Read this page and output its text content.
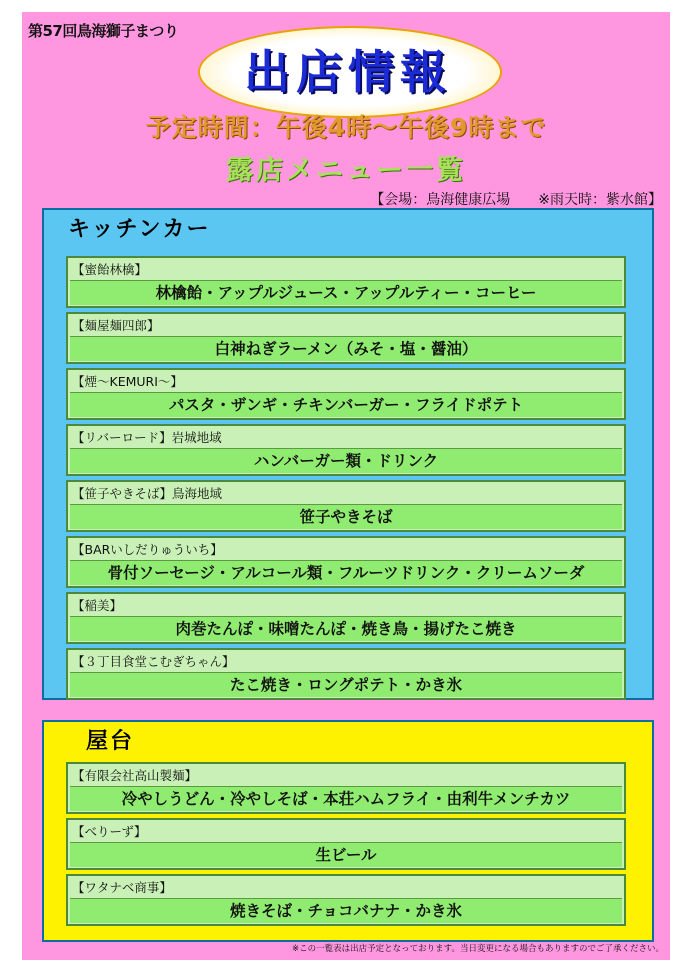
第57回鳥海獅子まつり
出店情報
予定時間：午後4時～午後9時まで
露店メニュー一覧
【会場：鳥海健康広場　　※雨天時：紫水館】
キッチンカー
【蜜飴林檎】
林檎飴・アップルジュース・アップルティー・コーヒー
【麺屋麺四郎】
白神ねぎラーメン（みそ・塩・醤油）
【煙～KEMURI～】
パスタ・ザンギ・チキンバーガー・フライドポテト
【リバーロード】岩城地域
ハンバーガー類・ドリンク
【笹子やきそば】鳥海地域
笹子やきそば
【BARいしだりゅういち】
骨付ソーセージ・アルコール類・フルーツドリンク・クリームソーダ
【稲美】
肉巻たんぽ・味噌たんぽ・焼き鳥・揚げたこ焼き
【３丁目食堂こむぎちゃん】
たこ焼き・ロングポテト・かき氷
屋台
【有限会社高山製麺】
冷やしうどん・冷やしそば・本荘ハムフライ・由利牛メンチカツ
【べりーず】
生ビール
【ワタナベ商事】
焼きそば・チョコバナナ・かき氷
※この一覧表は出店予定となっております。当日変更になる場合もありますのでご了承ください。
